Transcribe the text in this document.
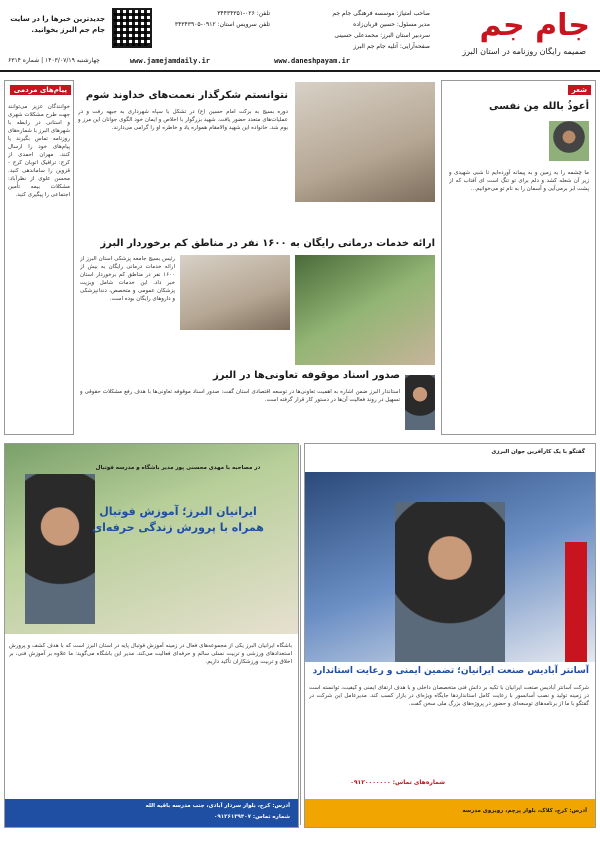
جام جم
صمیمه رایگان روزنامه در استان البرز
صاحب امتیاز: موسسه فرهنگی جام جم
مدیر مسئول: حسین قربان‌زاده
سردبیر استان البرز: محمدعلی حسینی
صفحه‌آرایی: آتلیه جام جم البرز
تلفن: ۰۲۶-۳۴۴۳۴۳۵۱
تلفن سرویس استان: ۰۹۱۲-۳۴۳۴۳۹۰۵
جدیدترین خبرها را در سایت جام جم البرز بخوانید.
www.daneshpayam.ir
www.jamejamdaily.ir
چهارشنبه ۱۴۰۳/۰۷/۱۹ | شماره ۶۳۱۴
شعر
أعوذُ بالله مِن نفسی
ما چشمه را به زمین و به پیمانه آورده‌ایم تا شبی شهیدی و زیر آن شعله کشد و دلم برای تو تنگ است ای آفتاب که از پشت ابر برمی‌آیی و آسمان را به نام تو می‌خوانیم...
نتوانستم شکرگذار نعمت‌های خداوند شوم
دوره بسیج به برکت امام حسین (ع) در تشکل با سپاه شهرداری به جبهه رفت و در عملیات‌های متعدد حضور یافت. شهید بزرگوار با اخلاص و ایمان خود الگوی جوانان این مرز و بوم شد. خانواده این شهید والامقام همواره یاد و خاطره او را گرامی می‌دارند.
پیام‌های مردمی
خوانندگان عزیز می‌توانند جهت طرح مشکلات شهری و استانی در رابطه با شهرهای البرز با شماره‌های روزنامه تماس بگیرند یا پیام‌های خود را ارسال کنند. مهران احمدی از کرج: ترافیک اتوبان کرج - قزوین را ساماندهی کنید. محسن علوی از نظرآباد: مشکلات بیمه تأمین اجتماعی را پیگیری کنید.
ارائه خدمات درمانی رایگان به ۱۶۰۰ نفر در مناطق کم برخوردار البرز
رئیس بسیج جامعه پزشکی استان البرز از ارائه خدمات درمانی رایگان به بیش از ۱۶۰۰ نفر در مناطق کم برخوردار استان خبر داد. این خدمات شامل ویزیت پزشکان عمومی و متخصص، دندانپزشکی و داروهای رایگان بوده است.
صدور اسناد موقوفه تعاونی‌ها در البرز
استاندار البرز ضمن اشاره به اهمیت تعاونی‌ها در توسعه اقتصادی استان گفت: صدور اسناد موقوفه تعاونی‌ها با هدف رفع مشکلات حقوقی و تسهیل در روند فعالیت آن‌ها در دستور کار قرار گرفته است.
گفتگو با یک کارآفرین جوان البرزی
آسانتر آبادیس صنعت ایرانیان؛ تضمین ایمنی و رعایت استاندارد
شرکت آسانتر آبادیس صنعت ایرانیان با تکیه بر دانش فنی متخصصان داخلی و با هدف ارتقای ایمنی و کیفیت، توانسته است در زمینه تولید و نصب آسانسور با رعایت کامل استانداردها جایگاه ویژه‌ای در بازار کسب کند. مدیرعامل این شرکت در گفتگو با ما از برنامه‌های توسعه‌ای و حضور در پروژه‌های بزرگ ملی سخن گفت.
شماره‌های تماس: ۰۹۱۲۰۰۰۰۰۰۰
آدرس: کرج، کلاک، بلوار پرچم، روبروی مدرسه
در مصاحبه با مهدی محسنی پور مدیر باشگاه و مدرسه فوتبال
ایرانیان البرز؛ آموزش فوتبال همراه با پرورش زندگی حرفه‌ای
باشگاه ایرانیان البرز یکی از مجموعه‌های فعال در زمینه آموزش فوتبال پایه در استان البرز است که با هدف کشف و پرورش استعدادهای ورزشی و تربیت نسلی سالم و حرفه‌ای فعالیت می‌کند. مدیر این باشگاه می‌گوید: ما علاوه بر آموزش فنی، بر اخلاق و تربیت ورزشکاران تأکید داریم.
آدرس: کرج، بلوار سردار آبادی، جنب مدرسه باقیه الله
شماره تماس: ۰۹۱۲۶۱۳۹۴۰۷
